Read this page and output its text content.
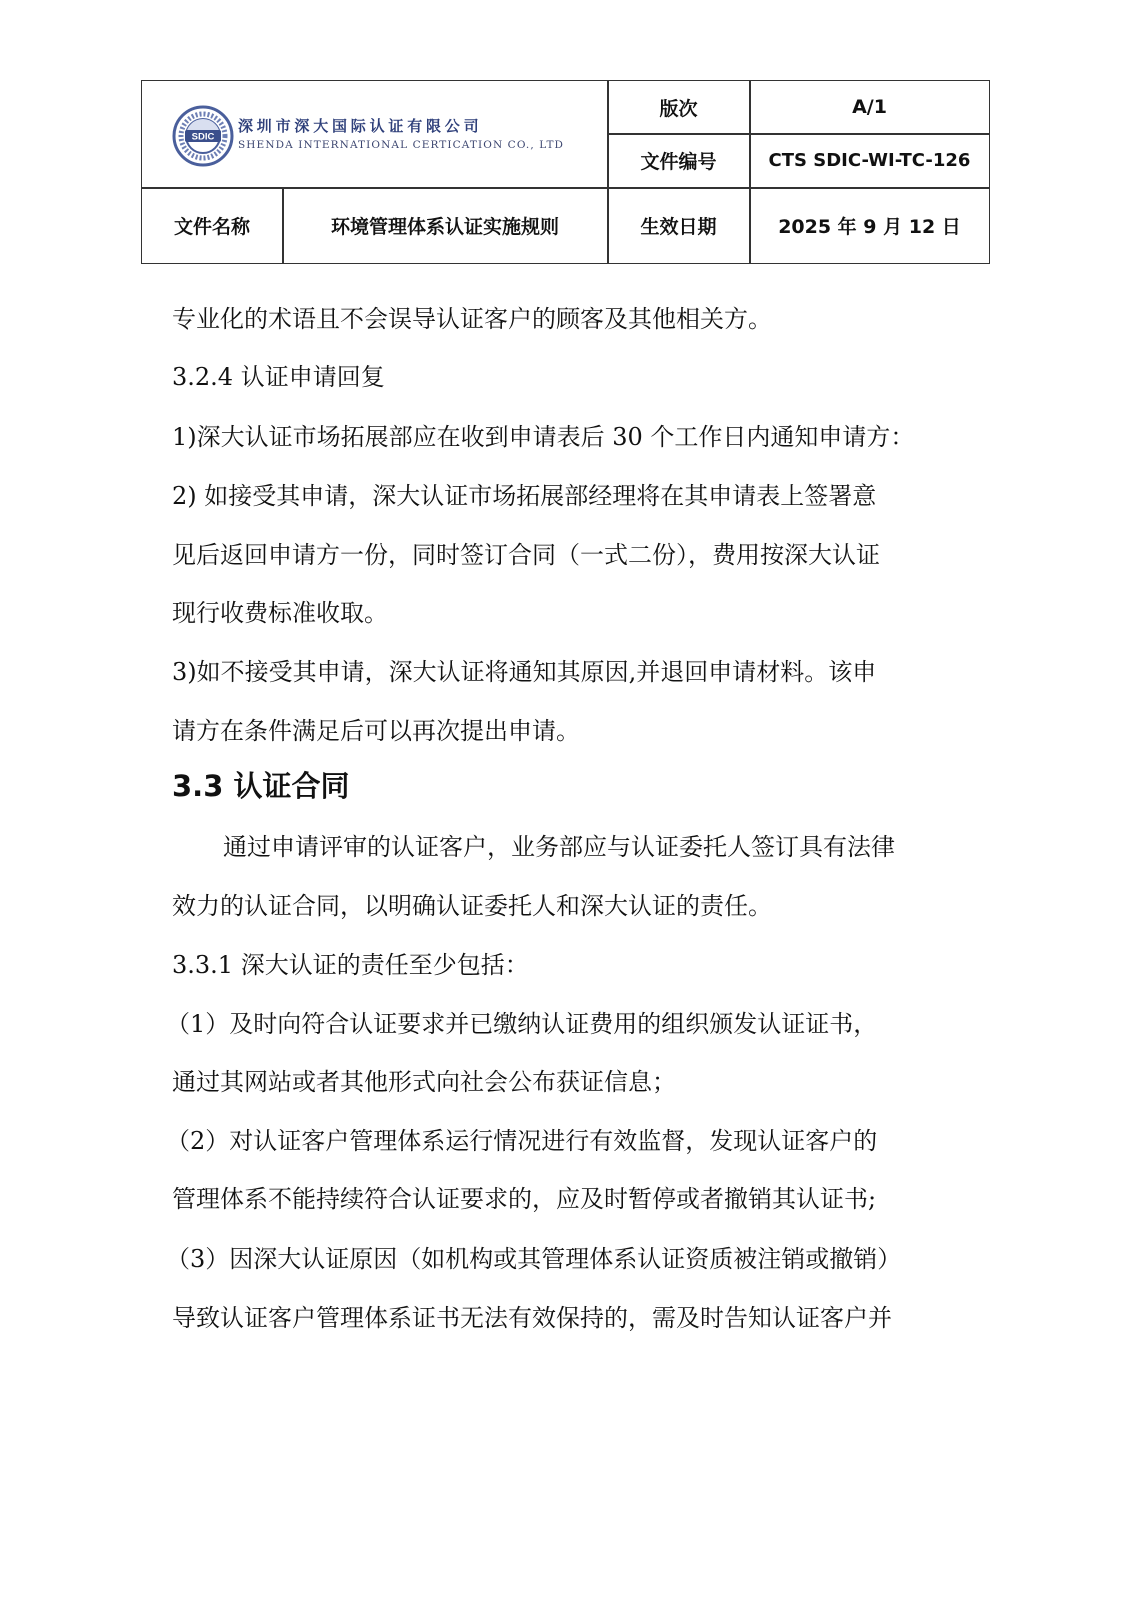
SDIC
深圳市深大国际认证有限公司
SHENDA INTERNATIONAL CERTICATION CO., LTD
版次	A/1
文件编号	CTS SDIC-WI-TC-126
文件名称	环境管理体系认证实施规则	生效日期	2025 年 9 月 12 日
专业化的术语且不会误导认证客户的顾客及其他相关方。
3.2.4 认证申请回复
1)深大认证市场拓展部应在收到申请表后 30 个工作日内通知申请方：
2) 如接受其申请，深大认证市场拓展部经理将在其申请表上签署意
见后返回申请方一份，同时签订合同（一式二份），费用按深大认证
现行收费标准收取。
3)如不接受其申请，深大认证将通知其原因,并退回申请材料。该申
请方在条件满足后可以再次提出申请。
3.3 认证合同
通过申请评审的认证客户，业务部应与认证委托人签订具有法律
效力的认证合同，以明确认证委托人和深大认证的责任。
3.3.1 深大认证的责任至少包括：
（1）及时向符合认证要求并已缴纳认证费用的组织颁发认证证书，
通过其网站或者其他形式向社会公布获证信息；
（2）对认证客户管理体系运行情况进行有效监督，发现认证客户的
管理体系不能持续符合认证要求的，应及时暂停或者撤销其认证书;
（3）因深大认证原因（如机构或其管理体系认证资质被注销或撤销）
导致认证客户管理体系证书无法有效保持的，需及时告知认证客户并
